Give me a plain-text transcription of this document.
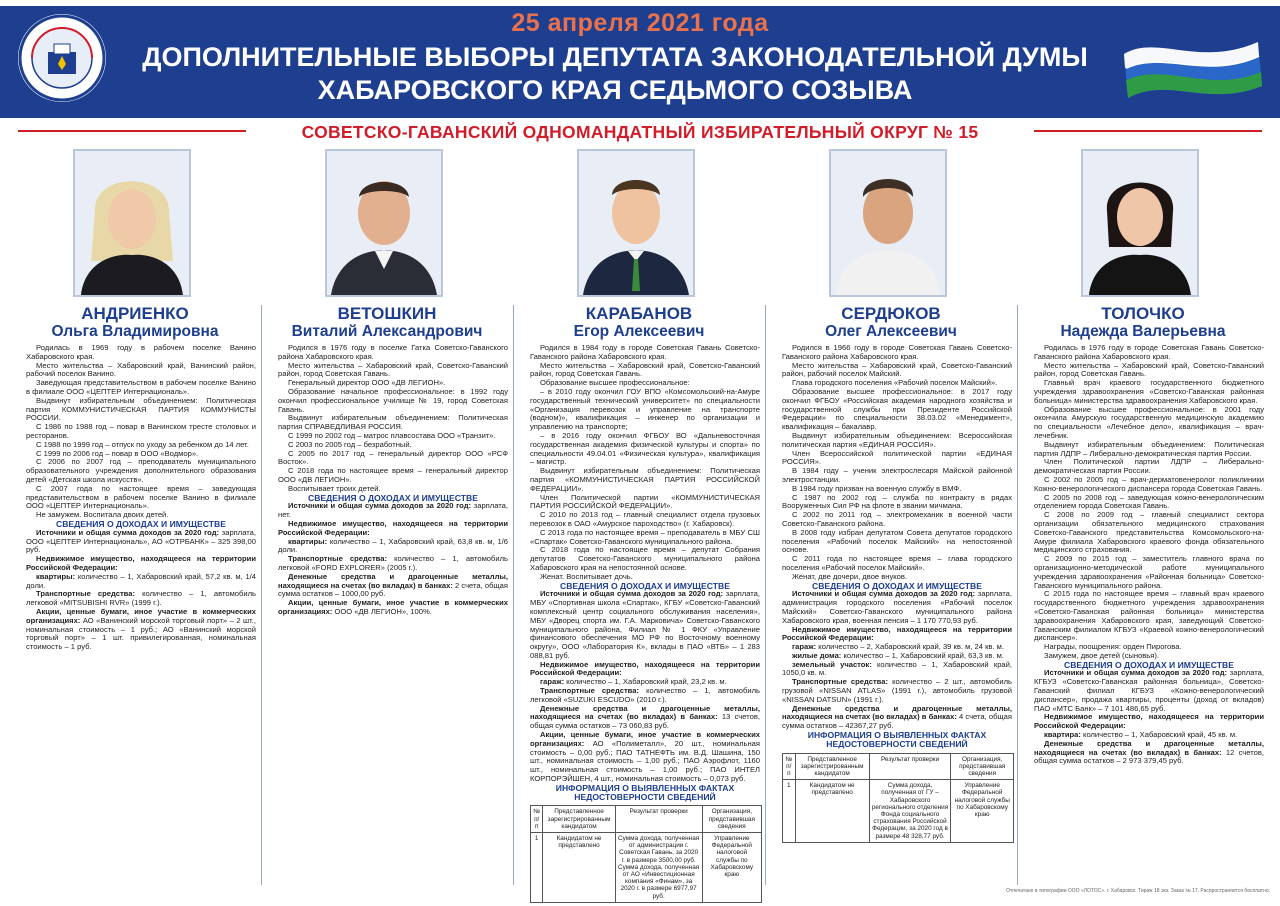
25 апреля 2021 года
ДОПОЛНИТЕЛЬНЫЕ ВЫБОРЫ ДЕПУТАТА ЗАКОНОДАТЕЛЬНОЙ ДУМЫ
ХАБАРОВСКОГО КРАЯ СЕДЬМОГО СОЗЫВА
СОВЕТСКО-ГАВАНСКИЙ ОДНОМАНДАТНЫЙ ИЗБИРАТЕЛЬНЫЙ ОКРУГ № 15
АНДРИЕНКО
Ольга Владимировна

Родилась в 1969 году в рабочем поселке Ванино Хабаровского края.

Место жительства – Хабаровский край, Ванинский район, рабочий поселок Ванино.

Заведующая представительством в рабочем поселке Ванино в филиале ООО «ЦЕПТЕР Интернациональ».

Выдвинут избирательным объединением: Политическая партия КОММУНИСТИЧЕСКАЯ ПАРТИЯ КОММУНИСТЫ РОССИИ.

С 1986 по 1988 год – повар в Ванинском тресте столовых и ресторанов.

С 1988 по 1999 год – отпуск по уходу за ребенком до 14 лет.

С 1999 по 2006 год – повар в ООО «Водмор».

С 2006 по 2007 год – преподаватель муниципального образовательного учреждения дополнительного образования детей «Детская школа искусств».

С 2007 года по настоящее время – заведующая представительством в рабочем поселке Ванино в филиале ООО «ЦЕПТЕР Интернациональ».

Не замужем. Воспитала двоих детей.

СВЕДЕНИЯ О ДОХОДАХ И ИМУЩЕСТВЕ

Источники и общая сумма доходов за 2020 год: зарплата, ООО «ЦЕПТЕР Интернациональ», АО «ОТРБАНК» – 325 398,00 руб.

Недвижимое имущество, находящееся на территории Российской Федерации:

квартиры: количество – 1, Хабаровский край, 57,2 кв. м, 1/4 доли.

Транспортные средства: количество – 1, автомобиль легковой «MITSUBISHI RVR» (1999 г.).

Акции, ценные бумаги, иное участие в коммерческих организациях: АО «Ванинский морской торговый порт» – 2 шт., номинальная стоимость – 1 руб.; АО «Ванинский морской торговый порт» – 1 шт. привилегированная, номинальная стоимость – 1 руб.

ВЕТОШКИН
Виталий Александрович

Родился в 1976 году в поселке Гатка Советско-Гаванского района Хабаровского края.

Место жительства – Хабаровский край, Советско-Гаванский район, город Советская Гавань.

Генеральный директор ООО «ДВ ЛЕГИОН».

Образование начальное профессиональное: в 1992 году окончил профессиональное училище № 19, город Советская Гавань.

Выдвинут избирательным объединением: Политическая партия СПРАВЕДЛИВАЯ РОССИЯ.

С 1999 по 2002 год – матрос плавсостава ООО «Транзит».

С 2003 по 2005 год – безработный.

С 2005 по 2017 год – генеральный директор ООО «РСФ Восток».

С 2018 года по настоящее время – генеральный директор ООО «ДВ ЛЕГИОН».

Воспитывает троих детей.

СВЕДЕНИЯ О ДОХОДАХ И ИМУЩЕСТВЕ

Источники и общая сумма доходов за 2020 год: зарплата, нет.

Недвижимое имущество, находящееся на территории Российской Федерации:

квартиры: количество – 1, Хабаровский край, 63,8 кв. м, 1/6 доли.

Транспортные средства: количество – 1, автомобиль легковой «FORD EXPLORER» (2005 г.).

Денежные средства и драгоценные металлы, находящиеся на счетах (во вкладах) в банках: 2 счета, общая сумма остатков – 1000,00 руб.

Акции, ценные бумаги, иное участие в коммерческих организациях: ООО «ДВ ЛЕГИОН», 100%.

КАРАБАНОВ
Егор Алексеевич

Родился в 1984 году в городе Советская Гавань Советско-Гаванского района Хабаровского края.

Место жительства – Хабаровский край, Советско-Гаванский район, город Советская Гавань.

Образование высшее профессиональное:

– в 2010 году окончил ГОУ ВПО «Комсомольский-на-Амуре государственный технический университет» по специальности «Организация перевозок и управление на транспорте (водном)», квалификация – инженер по организации и управлению на транспорте;

– в 2016 году окончил ФГБОУ ВО «Дальневосточная государственная академия физической культуры и спорта» по специальности 49.04.01 «Физическая культура», квалификация – магистр.

Выдвинут избирательным объединением: Политическая партия «КОММУНИСТИЧЕСКАЯ ПАРТИЯ РОССИЙСКОЙ ФЕДЕРАЦИИ».

Член Политической партии «КОММУНИСТИЧЕСКАЯ ПАРТИЯ РОССИЙСКОЙ ФЕДЕРАЦИИ».

С 2010 по 2013 год – главный специалист отдела грузовых перевозок в ОАО «Амурское пароходство» (г. Хабаровск).

С 2013 года по настоящее время – преподаватель в МБУ СШ «Спартак» Советско-Гаванского муниципального района.

С 2018 года по настоящее время – депутат Собрания депутатов Советско-Гаванского муниципального района Хабаровского края на непостоянной основе.

Женат. Воспитывает дочь.

СВЕДЕНИЯ О ДОХОДАХ И ИМУЩЕСТВЕ

Источники и общая сумма доходов за 2020 год: зарплата, МБУ «Спортивная школа «Спартак», КГБУ «Советско-Гаванский комплексный центр социального обслуживания населения», МБУ «Дворец спорта им. Г.А. Марковича» Советско-Гаванского муниципального района, Филиал № 1 ФКУ «Управление финансового обеспечения МО РФ по Восточному военному округу», ООО «Лаборатория К», вклады в ПАО «ВТБ» – 1 283 088,81 руб.

Недвижимое имущество, находящееся на территории Российской Федерации:

гараж: количество – 1, Хабаровский край, 23,2 кв. м.

Транспортные средства: количество – 1, автомобиль легковой «SUZUKI ESCUDO» (2010 г.).

Денежные средства и драгоценные металлы, находящиеся на счетах (во вкладах) в банках: 13 счетов, общая сумма остатков – 73 060,83 руб.

Акции, ценные бумаги, иное участие в коммерческих организациях: АО «Полиметалл», 20 шт., номинальная стоимость – 0,00 руб.; ПАО ТАТНЕФТЬ им. В.Д. Шашина, 150 шт., номинальная стоимость – 1,00 руб.; ПАО Аэрофлот, 1160 шт., номинальная стоимость – 1,00 руб.; ПАО ИНТЕЛ КОРПОРЭЙШЕН, 4 шт., номинальная стоимость – 0,073 руб.

ИНФОРМАЦИЯ О ВЫЯВЛЕННЫХ ФАКТАХ НЕДОСТОВЕРНОСТИ СВЕДЕНИЙ

№ п/п	Представленное зарегистрированным кандидатом	Результат проверки	Организация, представившая сведения
1	Кандидатом не представлено	Сумма дохода, полученная от администрации г. Советская Гавань, за 2020 г. в размере 3500,00 руб. Сумма дохода, полученная от АО «Инвестиционная компания «Финам», за 2020 г. в размере 6977,97 руб.	Управление Федеральной налоговой службы по Хабаровскому краю
СЕРДЮКОВ
Олег Алексеевич

Родился в 1966 году в городе Советская Гавань Советско-Гаванского района Хабаровского края.

Место жительства – Хабаровский край, Советско-Гаванский район, рабочий поселок Майский.

Глава городского поселения «Рабочий поселок Майский».

Образование высшее профессиональное: в 2017 году окончил ФГБОУ «Российская академия народного хозяйства и государственной службы при Президенте Российской Федерации» по специальности 38.03.02 «Менеджмент», квалификация – бакалавр.

Выдвинут избирательным объединением: Всероссийская политическая партия «ЕДИНАЯ РОССИЯ».

Член Всероссийской политической партии «ЕДИНАЯ РОССИЯ».

В 1984 году – ученик электрослесаря Майской районной электростанции.

В 1984 году призван на военную службу в ВМФ.

С 1987 по 2002 год – служба по контракту в рядах Вооруженных Сил РФ на флоте в звании мичмана.

С 2002 по 2011 год – электромеханик в военной части Советско-Гаванского района.

В 2008 году избран депутатом Совета депутатов городского поселения «Рабочий поселок Майский» на непостоянной основе.

С 2011 года по настоящее время – глава городского поселения «Рабочий поселок Майский».

Женат, две дочери, двое внуков.

СВЕДЕНИЯ О ДОХОДАХ И ИМУЩЕСТВЕ

Источники и общая сумма доходов за 2020 год: зарплата, администрация городского поселения «Рабочий поселок Майский» Советско-Гаванского муниципального района Хабаровского края, военная пенсия – 1 170 770,93 руб.

Недвижимое имущество, находящееся на территории Российской Федерации:

гараж: количество – 2, Хабаровский край, 39 кв. м, 24 кв. м.

жилые дома: количество – 1, Хабаровский край, 63,3 кв. м.

земельный участок: количество – 1, Хабаровский край, 1050,0 кв. м.

Транспортные средства: количество – 2 шт., автомобиль грузовой «NISSAN ATLAS» (1991 г.), автомобиль грузовой «NISSAN DATSUN» (1991 г.).

Денежные средства и драгоценные металлы, находящиеся на счетах (во вкладах) в банках: 4 счета, общая сумма остатков – 42367,27 руб.

ИНФОРМАЦИЯ О ВЫЯВЛЕННЫХ ФАКТАХ НЕДОСТОВЕРНОСТИ СВЕДЕНИЙ

№ п/п	Представленное зарегистрированным кандидатом	Результат проверки	Организация, представившая сведения
1	Кандидатом не представлено	Сумма дохода, полученная от ГУ – Хабаровского регионального отделения Фонда социального страхования Российской Федерации, за 2020 год в размере 48 328,77 руб.	Управление Федеральной налоговой службы по Хабаровскому краю
ТОЛОЧКО
Надежда Валерьевна

Родилась в 1976 году в городе Советская Гавань Советско-Гаванского района Хабаровского края.

Место жительства – Хабаровский край, Советско-Гаванский район, город Советская Гавань.

Главный врач краевого государственного бюджетного учреждения здравоохранения «Советско-Гаванская районная больница» министерства здравоохранения Хабаровского края.

Образование высшее профессиональное: в 2001 году окончила Амурскую государственную медицинскую академию по специальности «Лечебное дело», квалификация – врач-лечебник.

Выдвинут избирательным объединением: Политическая партия ЛДПР – Либерально-демократическая партия России.

Член Политической партии ЛДПР – Либерально-демократическая партия России.

С 2002 по 2005 год – врач-дерматовенеролог поликлиники Кожно-венерологического диспансера города Советская Гавань.

С 2005 по 2008 год – заведующая кожно-венерологическим отделением города Советская Гавань.

С 2008 по 2009 год – главный специалист сектора организации обязательного медицинского страхования Советско-Гаванского представительства Комсомольского-на-Амуре филиала Хабаровского краевого фонда обязательного медицинского страхования.

С 2009 по 2015 год – заместитель главного врача по организационно-методической работе муниципального учреждения здравоохранения «Районная больница» Советско-Гаванского муниципального района.

С 2015 года по настоящее время – главный врач краевого государственного бюджетного учреждения здравоохранения «Советско-Гаванская районная больница» министерства здравоохранения Хабаровского края, заведующий Советско-Гаванским филиалом КГБУЗ «Краевой кожно-венерологический диспансер».

Награды, поощрения: орден Пирогова.

Замужем, двое детей (сыновья).

СВЕДЕНИЯ О ДОХОДАХ И ИМУЩЕСТВЕ

Источники и общая сумма доходов за 2020 год: зарплата, КГБУЗ «Советско-Гаванская районная больница», Советско-Гаванский филиал КГБУЗ «Кожно-венерологический диспансер», продажа квартиры, проценты (доход от вкладов) ПАО «МТС Банк» – 7 101 486,65 руб.

Недвижимое имущество, находящееся на территории Российской Федерации:

квартира: количество – 1, Хабаровский край, 45 кв. м.

Денежные средства и драгоценные металлы, находящиеся на счетах (во вкладах) в банках: 12 счетов, общая сумма остатков – 2 973 379,45 руб.

Отпечатано в типографии ООО «ЛОТОС». г. Хабаровск. Тираж 18 экз. Заказ № 17. Распространяется бесплатно.
